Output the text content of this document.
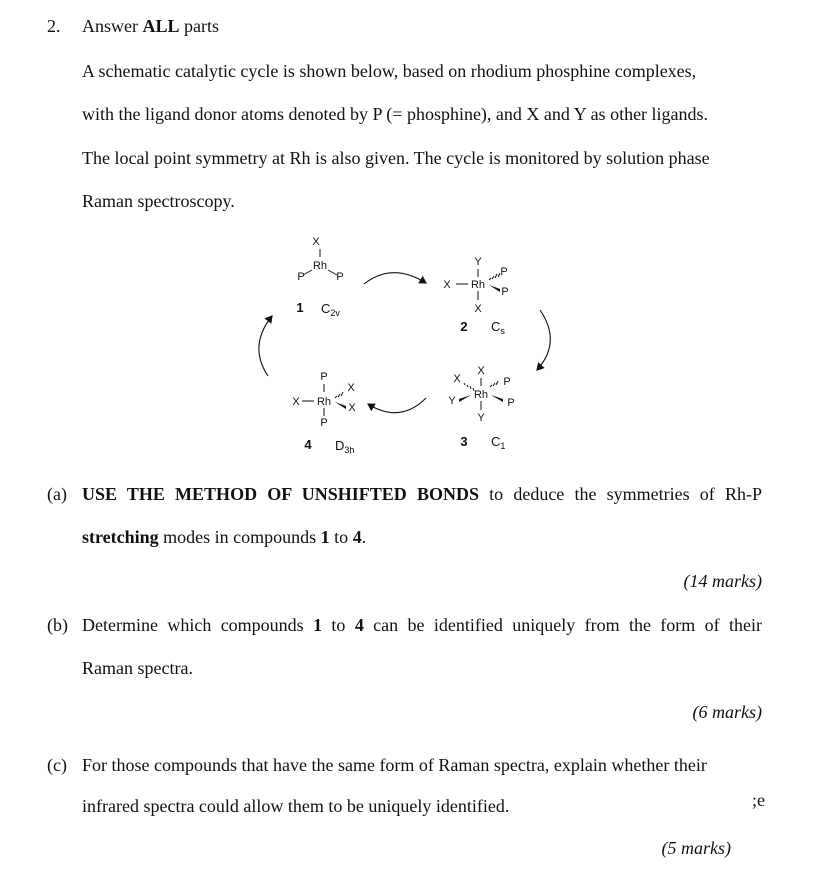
2. Answer ALL parts
A schematic catalytic cycle is shown below, based on rhodium phosphine complexes,
with the ligand donor atoms denoted by P (= phosphine), and X and Y as other ligands.
The local point symmetry at Rh is also given. The cycle is monitored by solution phase
Raman spectroscopy.
X
Rh
P	P
1 $C_{2v}$
Y
Rh
X
P
P
X
2 $C_s$
X
X	P
Rh
Y	P
Y
3 $C_1$
P
X Rh
X
X
P
4 $D_{3h}$
(a) USE THE METHOD OF UNSHIFTED BONDS to deduce the symmetries of Rh-P
stretching modes in compounds 1 to 4.
(14 marks)
(b) Determine which compounds 1 to 4 can be identified uniquely from the form of their
Raman spectra.
(6 marks)
(c) For those compounds that have the same form of Raman spectra, explain whether their
infrared spectra could allow them to be uniquely identified.	;e
(5 marks)
